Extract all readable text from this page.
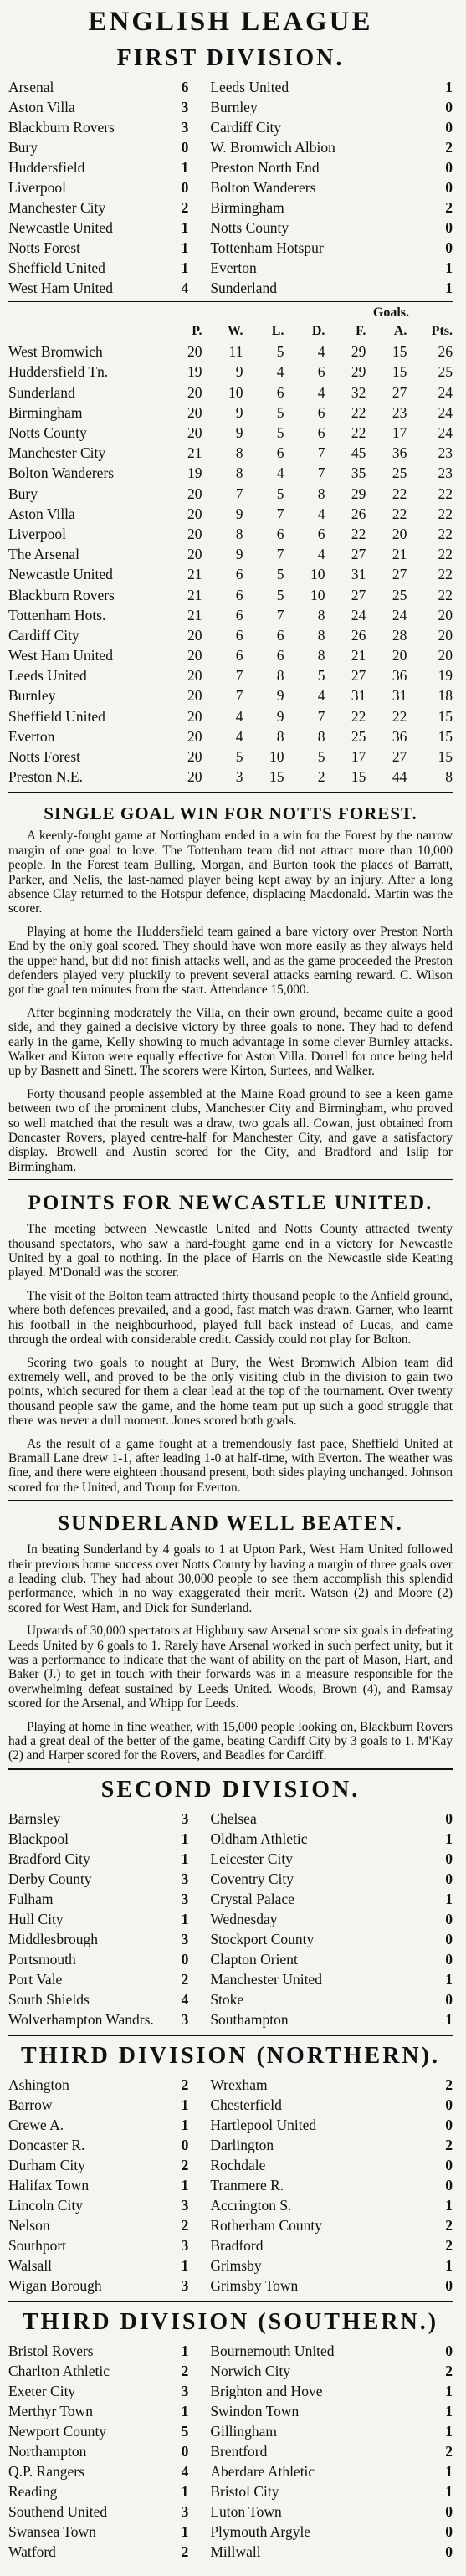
ENGLISH LEAGUE
FIRST DIVISION.
Arsenal	6 Leeds United	1
Aston Villa	3 Burnley	0
Blackburn Rovers	3 Cardiff City	0
Bury	0 W. Bromwich Albion	2
Huddersfield	1 Preston North End	0
Liverpool	0 Bolton Wanderers	0
Manchester City	2 Birmingham	2
Newcastle United	1 Notts County	0
Notts Forest	1 Tottenham Hotspur	0
Sheffield United	1 Everton	1
West Ham United	4 Sunderland	1
Goals.
	P.	W.	L.	D.	F.	A.	Pts.
West Bromwich	20	11	5	4	29	15	26
Huddersfield Tn.	19	9	4	6	29	15	25
Sunderland	20	10	6	4	32	27	24
Birmingham	20	9	5	6	22	23	24
Notts County	20	9	5	6	22	17	24
Manchester City	21	8	6	7	45	36	23
Bolton Wanderers	19	8	4	7	35	25	23
Bury	20	7	5	8	29	22	22
Aston Villa	20	9	7	4	26	22	22
Liverpool	20	8	6	6	22	20	22
The Arsenal	20	9	7	4	27	21	22
Newcastle United	21	6	5	10	31	27	22
Blackburn Rovers	21	6	5	10	27	25	22
Tottenham Hots.	21	6	7	8	24	24	20
Cardiff City	20	6	6	8	26	28	20
West Ham United	20	6	6	8	21	20	20
Leeds United	20	7	8	5	27	36	19
Burnley	20	7	9	4	31	31	18
Sheffield United	20	4	9	7	22	22	15
Everton	20	4	8	8	25	36	15
Notts Forest	20	5	10	5	17	27	15
Preston N.E.	20	3	15	2	15	44	8
SINGLE GOAL WIN FOR NOTTS FOREST.

A keenly-fought game at Nottingham ended in a win for the Forest by the narrow margin of one goal to love. The Tottenham team did not attract more than 10,000 people. In the Forest team Bulling, Morgan, and Burton took the places of Barratt, Parker, and Nelis, the last-named player being kept away by an injury. After a long absence Clay returned to the Hotspur defence, displacing Macdonald. Martin was the scorer.

Playing at home the Huddersfield team gained a bare victory over Preston North End by the only goal scored. They should have won more easily as they always held the upper hand, but did not finish attacks well, and as the game proceeded the Preston defenders played very pluckily to prevent several attacks earning reward. C. Wilson got the goal ten minutes from the start. Attendance 15,000.

After beginning moderately the Villa, on their own ground, became quite a good side, and they gained a decisive victory by three goals to none. They had to defend early in the game, Kelly showing to much advantage in some clever Burnley attacks. Walker and Kirton were equally effective for Aston Villa. Dorrell for once being held up by Basnett and Sinett. The scorers were Kirton, Surtees, and Walker.

Forty thousand people assembled at the Maine Road ground to see a keen game between two of the prominent clubs, Manchester City and Birmingham, who proved so well matched that the result was a draw, two goals all. Cowan, just obtained from Doncaster Rovers, played centre-half for Manchester City, and gave a satisfactory display. Browell and Austin scored for the City, and Bradford and Islip for Birmingham.

POINTS FOR NEWCASTLE UNITED.

The meeting between Newcastle United and Notts County attracted twenty thousand spectators, who saw a hard-fought game end in a victory for Newcastle United by a goal to nothing. In the place of Harris on the Newcastle side Keating played. M'Donald was the scorer.

The visit of the Bolton team attracted thirty thousand people to the Anfield ground, where both defences prevailed, and a good, fast match was drawn. Garner, who learnt his football in the neighbourhood, played full back instead of Lucas, and came through the ordeal with considerable credit. Cassidy could not play for Bolton.

Scoring two goals to nought at Bury, the West Bromwich Albion team did extremely well, and proved to be the only visiting club in the division to gain two points, which secured for them a clear lead at the top of the tournament. Over twenty thousand people saw the game, and the home team put up such a good struggle that there was never a dull moment. Jones scored both goals.

As the result of a game fought at a tremendously fast pace, Sheffield United at Bramall Lane drew 1-1, after leading 1-0 at half-time, with Everton. The weather was fine, and there were eighteen thousand present, both sides playing unchanged. Johnson scored for the United, and Troup for Everton.

SUNDERLAND WELL BEATEN.

In beating Sunderland by 4 goals to 1 at Upton Park, West Ham United followed their previous home success over Notts County by having a margin of three goals over a leading club. They had about 30,000 people to see them accomplish this splendid performance, which in no way exaggerated their merit. Watson (2) and Moore (2) scored for West Ham, and Dick for Sunderland.

Upwards of 30,000 spectators at Highbury saw Arsenal score six goals in defeating Leeds United by 6 goals to 1. Rarely have Arsenal worked in such perfect unity, but it was a performance to indicate that the want of ability on the part of Mason, Hart, and Baker (J.) to get in touch with their forwards was in a measure responsible for the overwhelming defeat sustained by Leeds United. Woods, Brown (4), and Ramsay scored for the Arsenal, and Whipp for Leeds.

Playing at home in fine weather, with 15,000 people looking on, Blackburn Rovers had a great deal of the better of the game, beating Cardiff City by 3 goals to 1. M'Kay (2) and Harper scored for the Rovers, and Beadles for Cardiff.

SECOND DIVISION.
Barnsley	3 Chelsea	0
Blackpool	1 Oldham Athletic	1
Bradford City	1 Leicester City	0
Derby County	3 Coventry City	0
Fulham	3 Crystal Palace	1
Hull City	1 Wednesday	0
Middlesbrough	3 Stockport County	0
Portsmouth	0 Clapton Orient	0
Port Vale	2 Manchester United	1
South Shields	4 Stoke	0
Wolverhampton Wandrs.	3 Southampton	1
THIRD DIVISION (NORTHERN).
Ashington	2 Wrexham	2
Barrow	1 Chesterfield	0
Crewe A.	1 Hartlepool United	0
Doncaster R.	0 Darlington	2
Durham City	2 Rochdale	0
Halifax Town	1 Tranmere R.	0
Lincoln City	3 Accrington S.	1
Nelson	2 Rotherham County	2
Southport	3 Bradford	2
Walsall	1 Grimsby	1
Wigan Borough	3 Grimsby Town	0
THIRD DIVISION (SOUTHERN.)
Bristol Rovers	1 Bournemouth United	0
Charlton Athletic	2 Norwich City	2
Exeter City	3 Brighton and Hove	1
Merthyr Town	1 Swindon Town	1
Newport County	5 Gillingham	1
Northampton	0 Brentford	2
Q.P. Rangers	4 Aberdare Athletic	1
Reading	1 Bristol City	1
Southend United	3 Luton Town	0
Swansea Town	1 Plymouth Argyle	0
Watford	2 Millwall	0
